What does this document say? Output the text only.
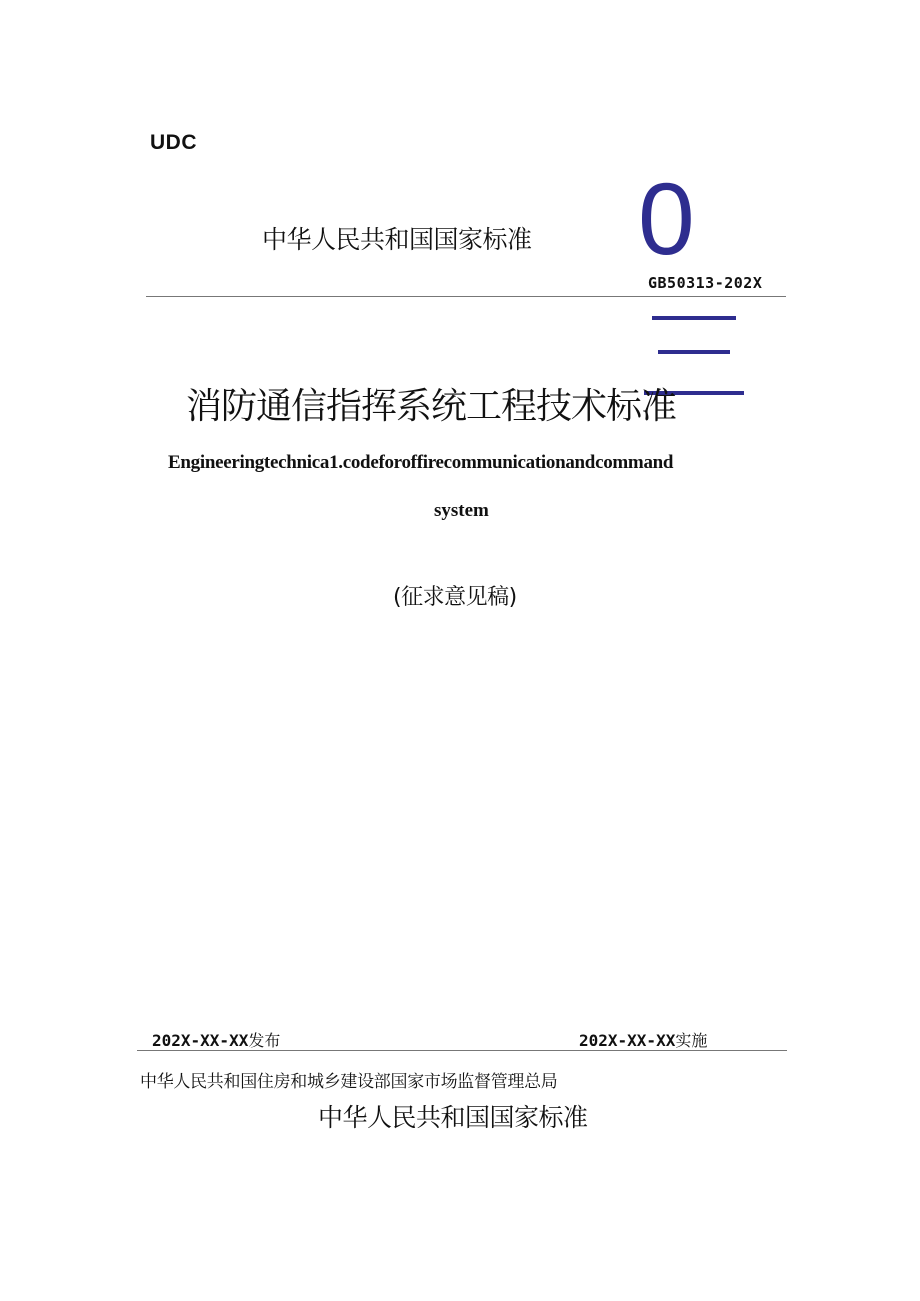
UDC
中华人民共和国国家标准 0
GB50313-202X
消防通信指挥系统工程技术标准
Engineeringtechnica1.codeforoffirecommunicationandcommand
system
(征求意见稿)
202X-XX-XX发布	202X-XX-XX实施
中华人民共和国住房和城乡建设部国家市场监督管理总局
中华人民共和国国家标准
